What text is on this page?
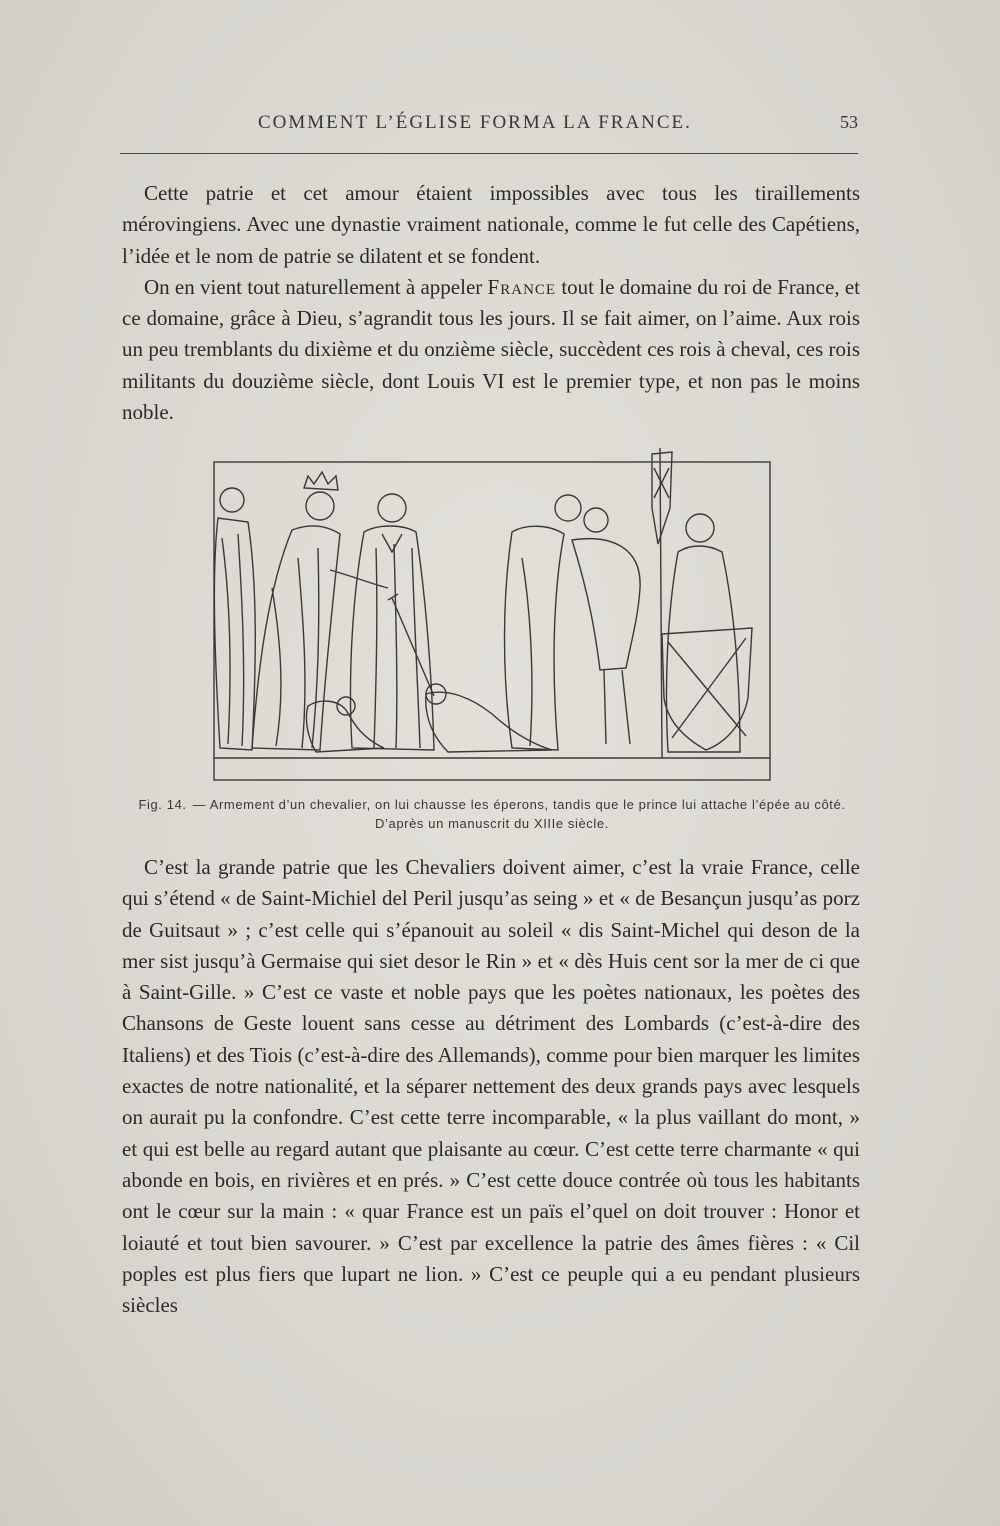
COMMENT L’ÉGLISE FORMA LA FRANCE.	53

Cette patrie et cet amour étaient impossibles avec tous les tiraillements mérovingiens. Avec une dynastie vraiment nationale, comme le fut celle des Capétiens, l’idée et le nom de patrie se dilatent et se fondent.

On en vient tout naturellement à appeler France tout le domaine du roi de France, et ce domaine, grâce à Dieu, s’agrandit tous les jours. Il se fait aimer, on l’aime. Aux rois un peu tremblants du dixième et du onzième siècle, succèdent ces rois à cheval, ces rois militants du douzième siècle, dont Louis VI est le premier type, et non pas le moins noble.

Fig. 14. — Armement d’un chevalier, on lui chausse les éperons, tandis que le prince lui attache l’épée au côté. D’après un manuscrit du XIIIe siècle.

C’est la grande patrie que les Chevaliers doivent aimer, c’est la vraie France, celle qui s’étend « de Saint-Michiel del Peril jusqu’as seing » et « de Besançun jusqu’as porz de Guitsaut » ; c’est celle qui s’épanouit au soleil « dis Saint-Michel qui deson de la mer sist jusqu’à Germaise qui siet desor le Rin » et « dès Huis cent sor la mer de ci que à Saint-Gille. » C’est ce vaste et noble pays que les poètes nationaux, les poètes des Chansons de Geste louent sans cesse au détriment des Lombards (c’est-à-dire des Italiens) et des Tiois (c’est-à-dire des Allemands), comme pour bien marquer les limites exactes de notre nationalité, et la séparer nettement des deux grands pays avec lesquels on aurait pu la confondre. C’est cette terre incomparable, « la plus vaillant do mont, » et qui est belle au regard autant que plaisante au cœur. C’est cette terre charmante « qui abonde en bois, en rivières et en prés. » C’est cette douce contrée où tous les habitants ont le cœur sur la main : « quar France est un païs el’quel on doit trouver : Honor et loiauté et tout bien savourer. » C’est par excellence la patrie des âmes fières : « Cil poples est plus fiers que lupart ne lion. » C’est ce peuple qui a eu pendant plusieurs siècles
